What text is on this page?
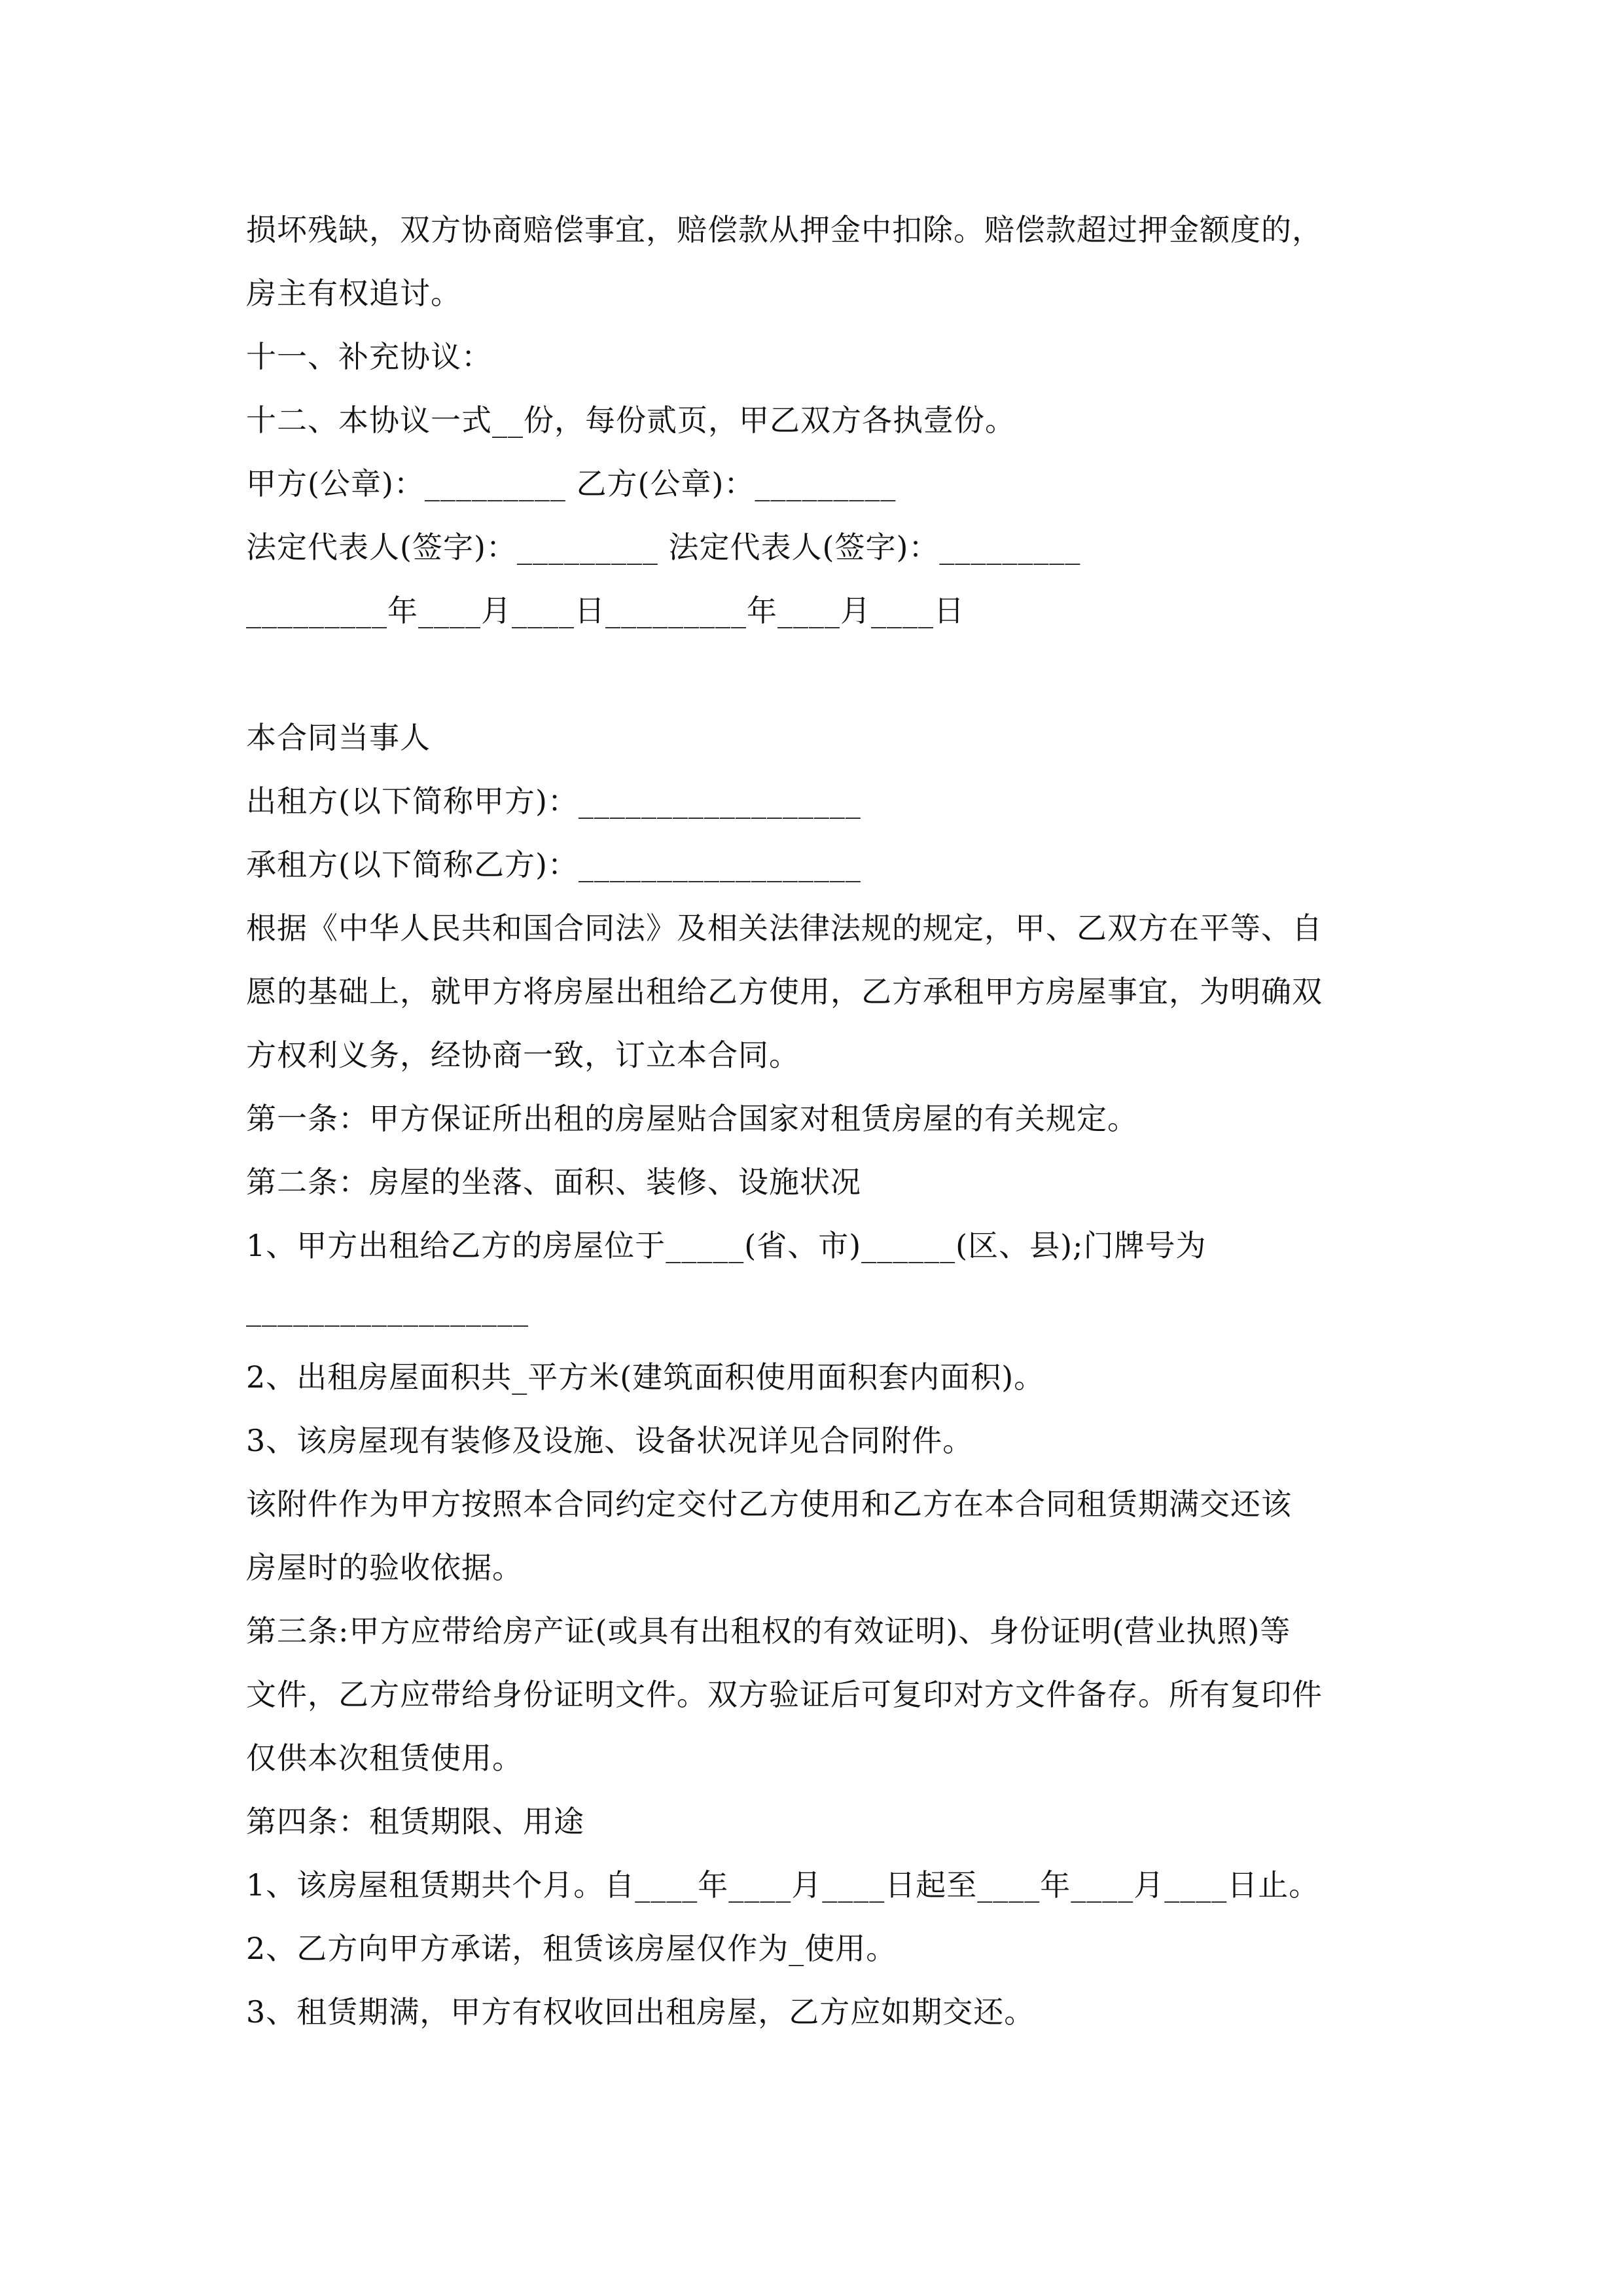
损坏残缺，双方协商赔偿事宜，赔偿款从押金中扣除。赔偿款超过押金额度的，
房主有权追讨。
十一、补充协议：
十二、本协议一式__份，每份贰页，甲乙双方各执壹份。
甲方(公章)：_________ 乙方(公章)：_________
法定代表人(签字)：_________ 法定代表人(签字)：_________
_________年____月____日_________年____月____日
本合同当事人
出租方(以下简称甲方)：__________________
承租方(以下简称乙方)：__________________
根据《中华人民共和国合同法》及相关法律法规的规定，甲、乙双方在平等、自
愿的基础上，就甲方将房屋出租给乙方使用，乙方承租甲方房屋事宜，为明确双
方权利义务，经协商一致，订立本合同。
第一条：甲方保证所出租的房屋贴合国家对租赁房屋的有关规定。
第二条：房屋的坐落、面积、装修、设施状况
1、甲方出租给乙方的房屋位于_____(省、市)______(区、县);门牌号为
__________________
2、出租房屋面积共_平方米(建筑面积使用面积套内面积)。
3、该房屋现有装修及设施、设备状况详见合同附件。
该附件作为甲方按照本合同约定交付乙方使用和乙方在本合同租赁期满交还该
房屋时的验收依据。
第三条:甲方应带给房产证(或具有出租权的有效证明)、身份证明(营业执照)等
文件，乙方应带给身份证明文件。双方验证后可复印对方文件备存。所有复印件
仅供本次租赁使用。
第四条：租赁期限、用途
1、该房屋租赁期共个月。自____年____月____日起至____年____月____日止。
2、乙方向甲方承诺，租赁该房屋仅作为_使用。
3、租赁期满，甲方有权收回出租房屋，乙方应如期交还。
